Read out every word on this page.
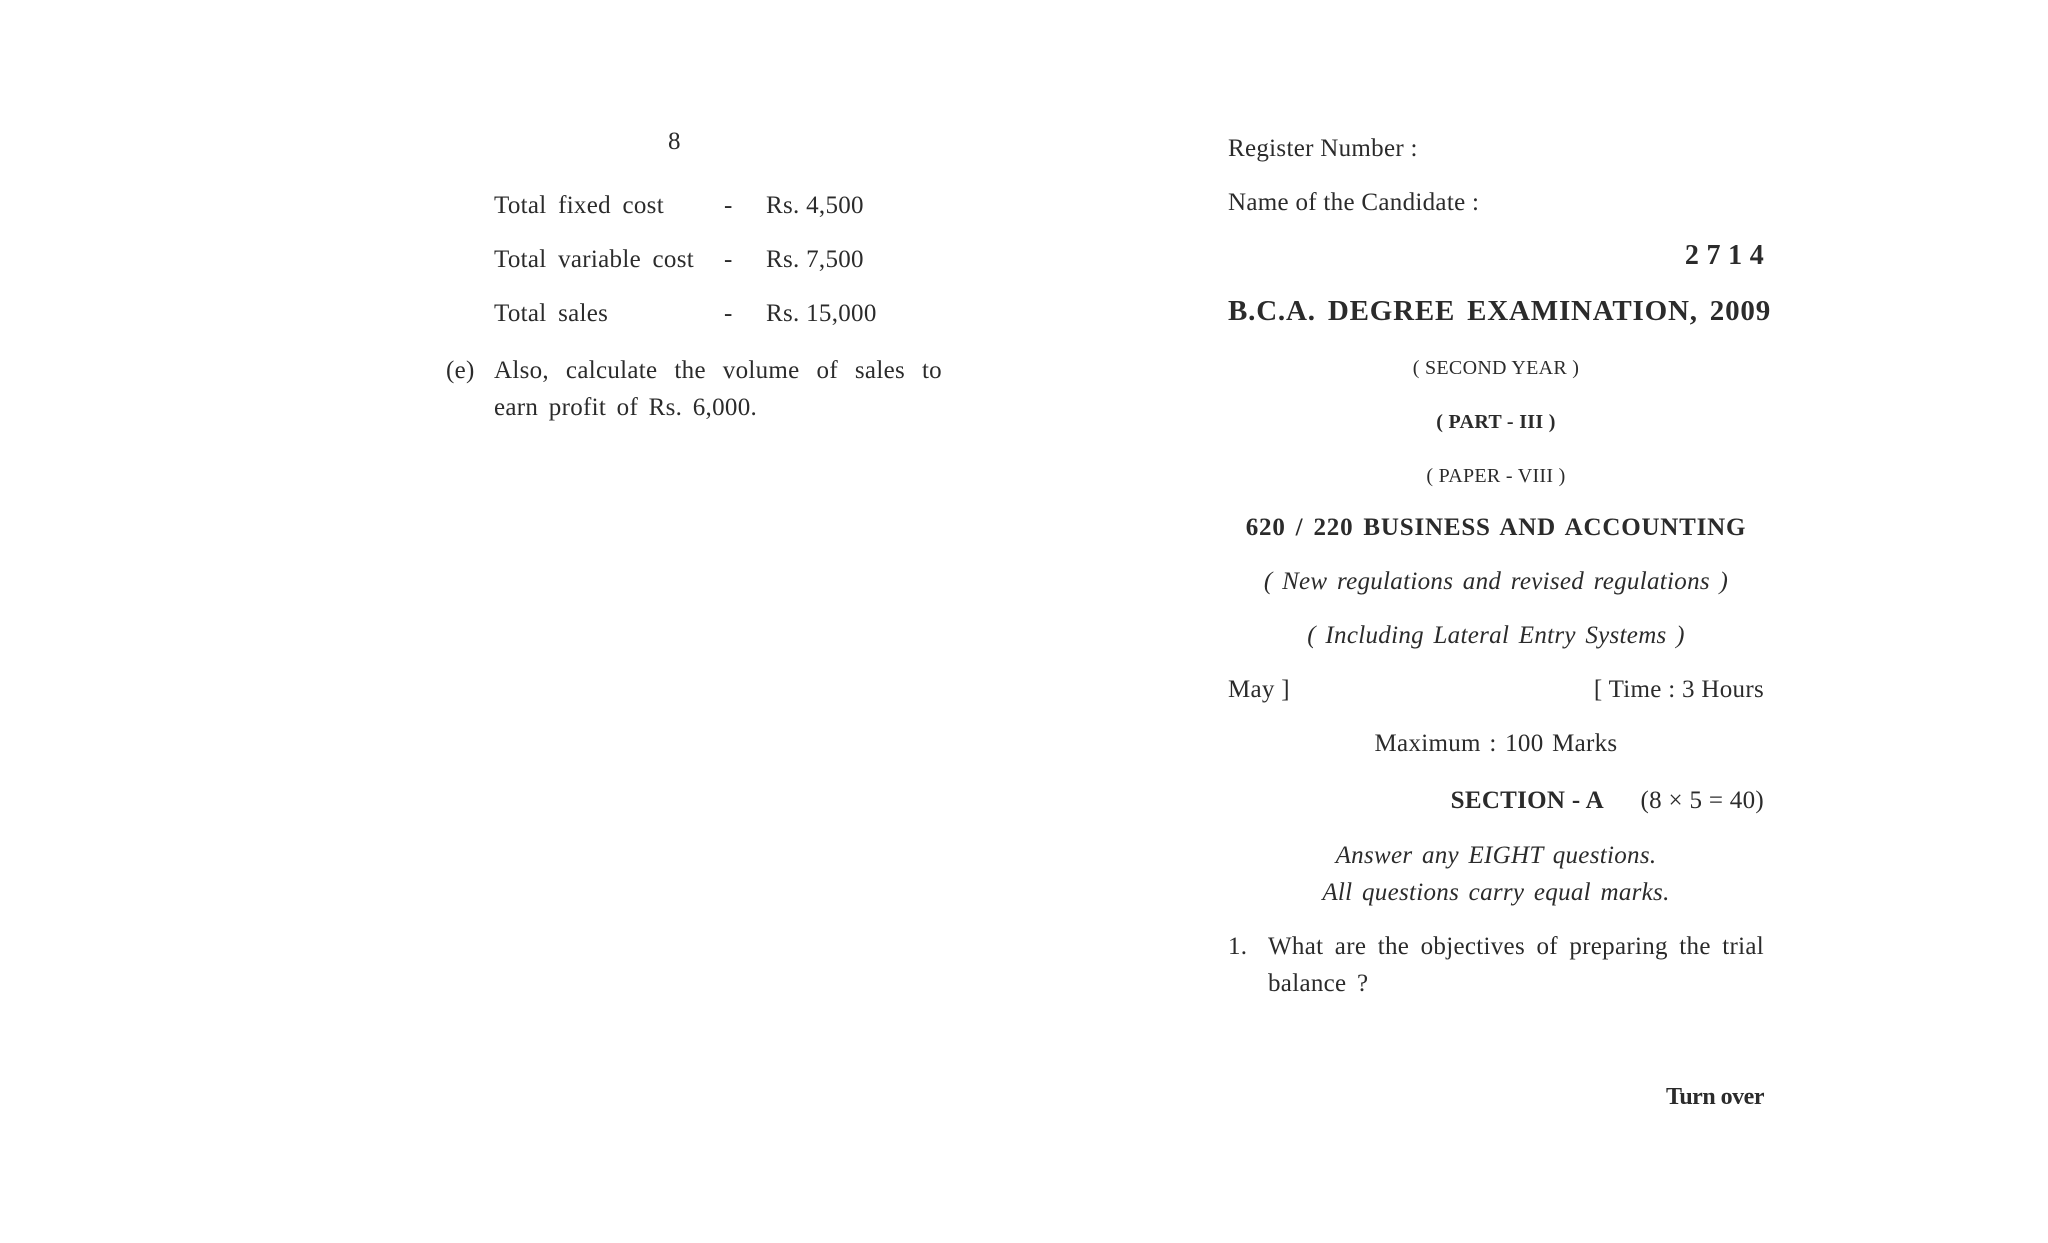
8
Total fixed cost - Rs. 4,500
Total variable cost - Rs. 7,500
Total sales	- Rs. 15,000
(e) Also, calculate the volume of sales to earn profit of Rs. 6,000.
Register Number :
Name of the Candidate :
2 7 1 4
B.C.A. DEGREE EXAMINATION, 2009
( SECOND YEAR )
( PART - III )
( PAPER - VIII )
620 / 220 BUSINESS AND ACCOUNTING
( New regulations and revised regulations )
( Including Lateral Entry Systems )
May ]	[ Time : 3 Hours
Maximum : 100 Marks
SECTION - A (8 × 5 = 40)
Answer any EIGHT questions.
All questions carry equal marks.
1. What are the objectives of preparing the trial balance ?
Turn over
